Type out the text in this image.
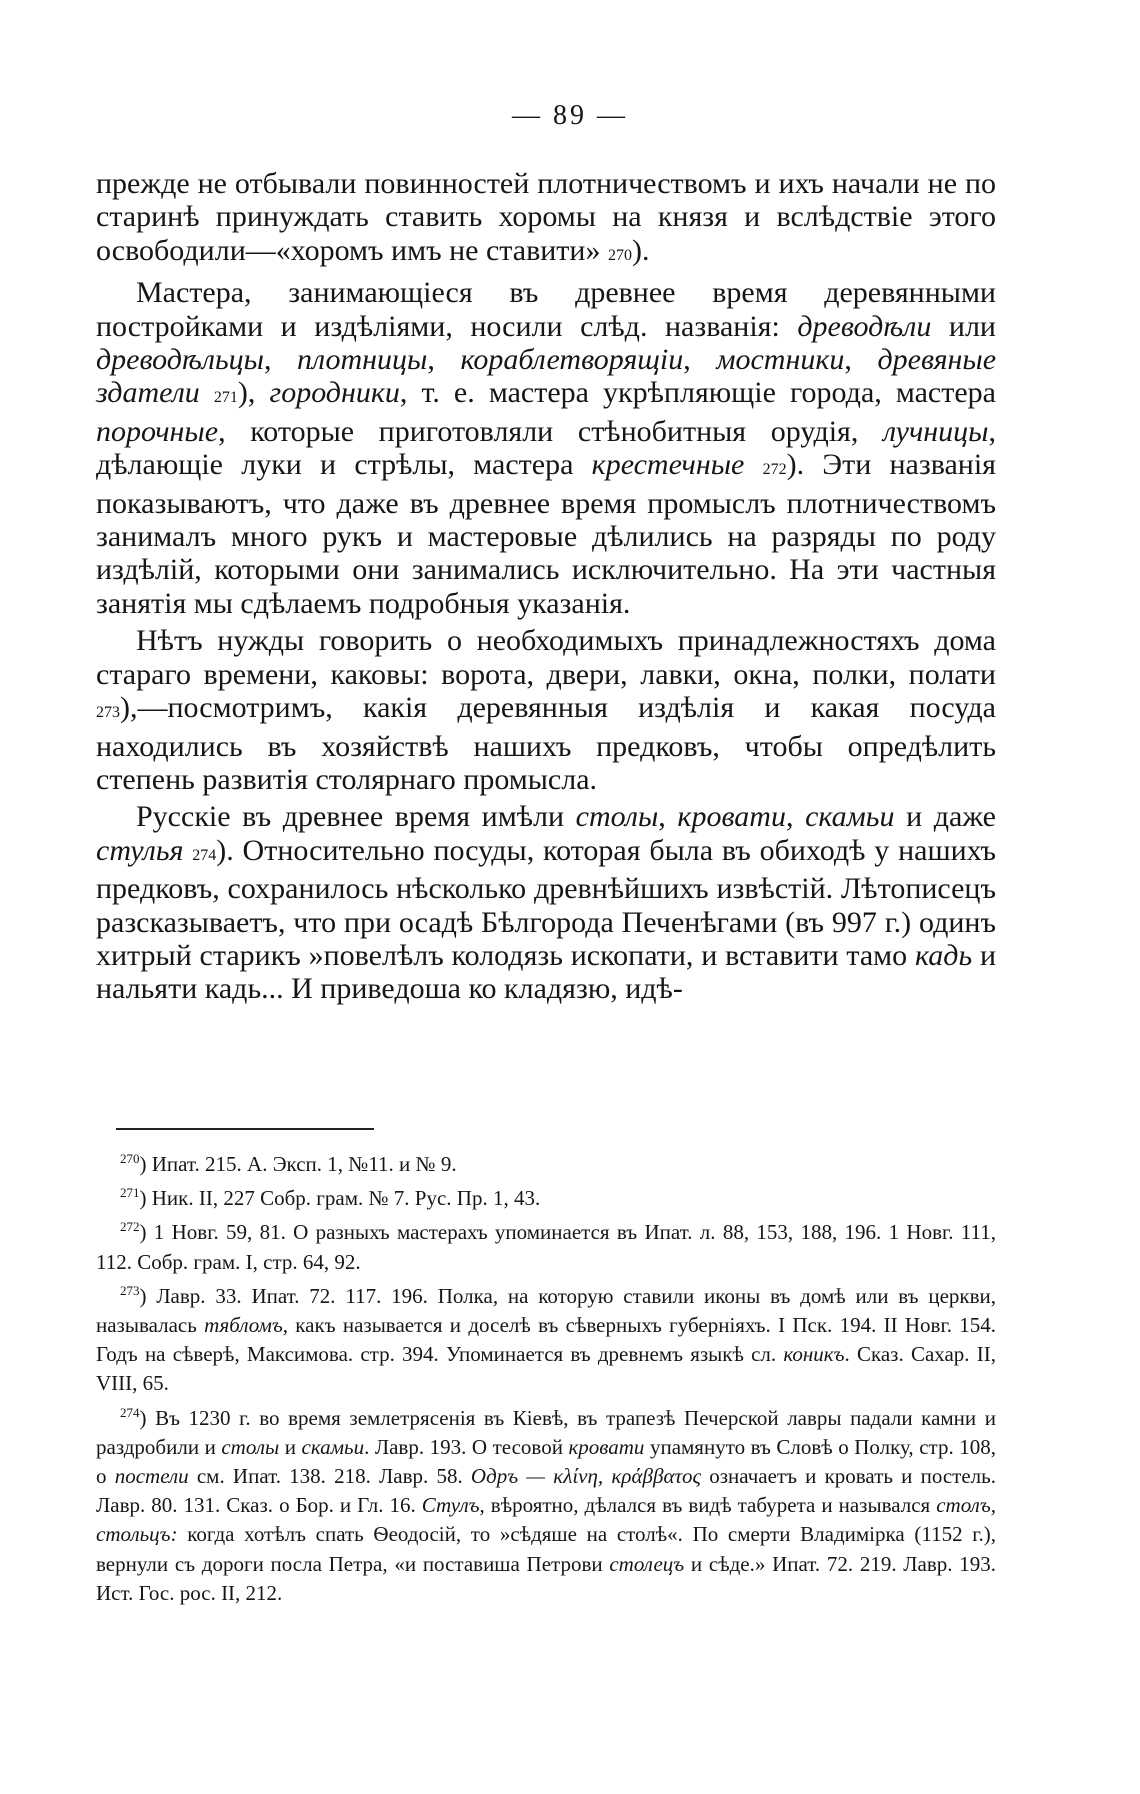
— 89 —

прежде не отбывали повинностей плотничествомъ и ихъ начали не по старинѣ принуждать ставить хоромы на князя и вслѣдствіе этого освободили—«хоромъ имъ не ставити» 270).

Мастера, занимающіеся въ древнее время деревянными постройками и издѣліями, носили слѣд. названія: древодѣли или древодѣльцы, плотницы, кораблетворящіи, мостники, древяные здатели 271), городники, т. е. мастера укрѣпляющіе города, мастера порочные, которые приготовляли стѣнобитныя орудія, лучницы, дѣлающіе луки и стрѣлы, мастера крестечные 272). Эти названія показываютъ, что даже въ древнее время промыслъ плотничествомъ занималъ много рукъ и мастеровые дѣлились на разряды по роду издѣлій, которыми они занимались исключительно. На эти частныя занятія мы сдѣлаемъ подробныя указанія.

Нѣтъ нужды говорить о необходимыхъ принадлежностяхъ дома стараго времени, каковы: ворота, двери, лавки, окна, полки, полати 273),—посмотримъ, какія деревянныя издѣлія и какая посуда находились въ хозяйствѣ нашихъ предковъ, чтобы опредѣлить степень развитія столярнаго промысла.

Русскіе въ древнее время имѣли столы, кровати, скамьи и даже стулья 274). Относительно посуды, которая была въ обиходѣ у нашихъ предковъ, сохранилось нѣсколько древнѣйшихъ извѣстій. Лѣтописецъ разсказываетъ, что при осадѣ Бѣлгорода Печенѣгами (въ 997 г.) одинъ хитрый старикъ »повелѣлъ колодязь ископати, и вставити тамо кадь и нальяти кадь... И приведоша ко кладязю, идѣ-

$^{270}$) Ипат. 215. А. Эксп. 1, №11. и № 9.

$^{271}$) Ник. II, 227 Собр. грам. № 7. Рус. Пр. 1, 43.

$^{272}$) 1 Новг. 59, 81. О разныхъ мастерахъ упоминается въ Ипат. л. 88, 153, 188, 196. 1 Новг. 111, 112. Собр. грам. I, стр. 64, 92.

$^{273}$) Лавр. 33. Ипат. 72. 117. 196. Полка, на которую ставили иконы въ домѣ или въ церкви, называлась тябломъ, какъ называется и доселѣ въ сѣверныхъ губерніяхъ. I Пск. 194. II Новг. 154. Годъ на сѣверѣ, Максимова. стр. 394. Упоминается въ древнемъ языкѣ сл. коникъ. Сказ. Сахар. II, VIII, 65.

$^{274}$) Въ 1230 г. во время землетрясенія въ Кіевѣ, въ трапезѣ Печерской лавры падали камни и раздробили и столы и скамьи. Лавр. 193. О тесовой кровати упамянуто въ Словѣ о Полку, стр. 108, о постели см. Ипат. 138. 218. Лавр. 58. Одръ — κλίνη, κράββατος означаетъ и кровать и постель. Лавр. 80. 131. Сказ. о Бор. и Гл. 16. Стулъ, вѣроятно, дѣлался въ видѣ табурета и назывался столъ, стольцъ: когда хотѣлъ спать Ѳеодосій, то »сѣдяше на столѣ«. По смерти Владимірка (1152 г.), вернули съ дороги посла Петра, «и поставиша Петрови столецъ и сѣде.» Ипат. 72. 219. Лавр. 193. Ист. Гос. рос. II, 212.
